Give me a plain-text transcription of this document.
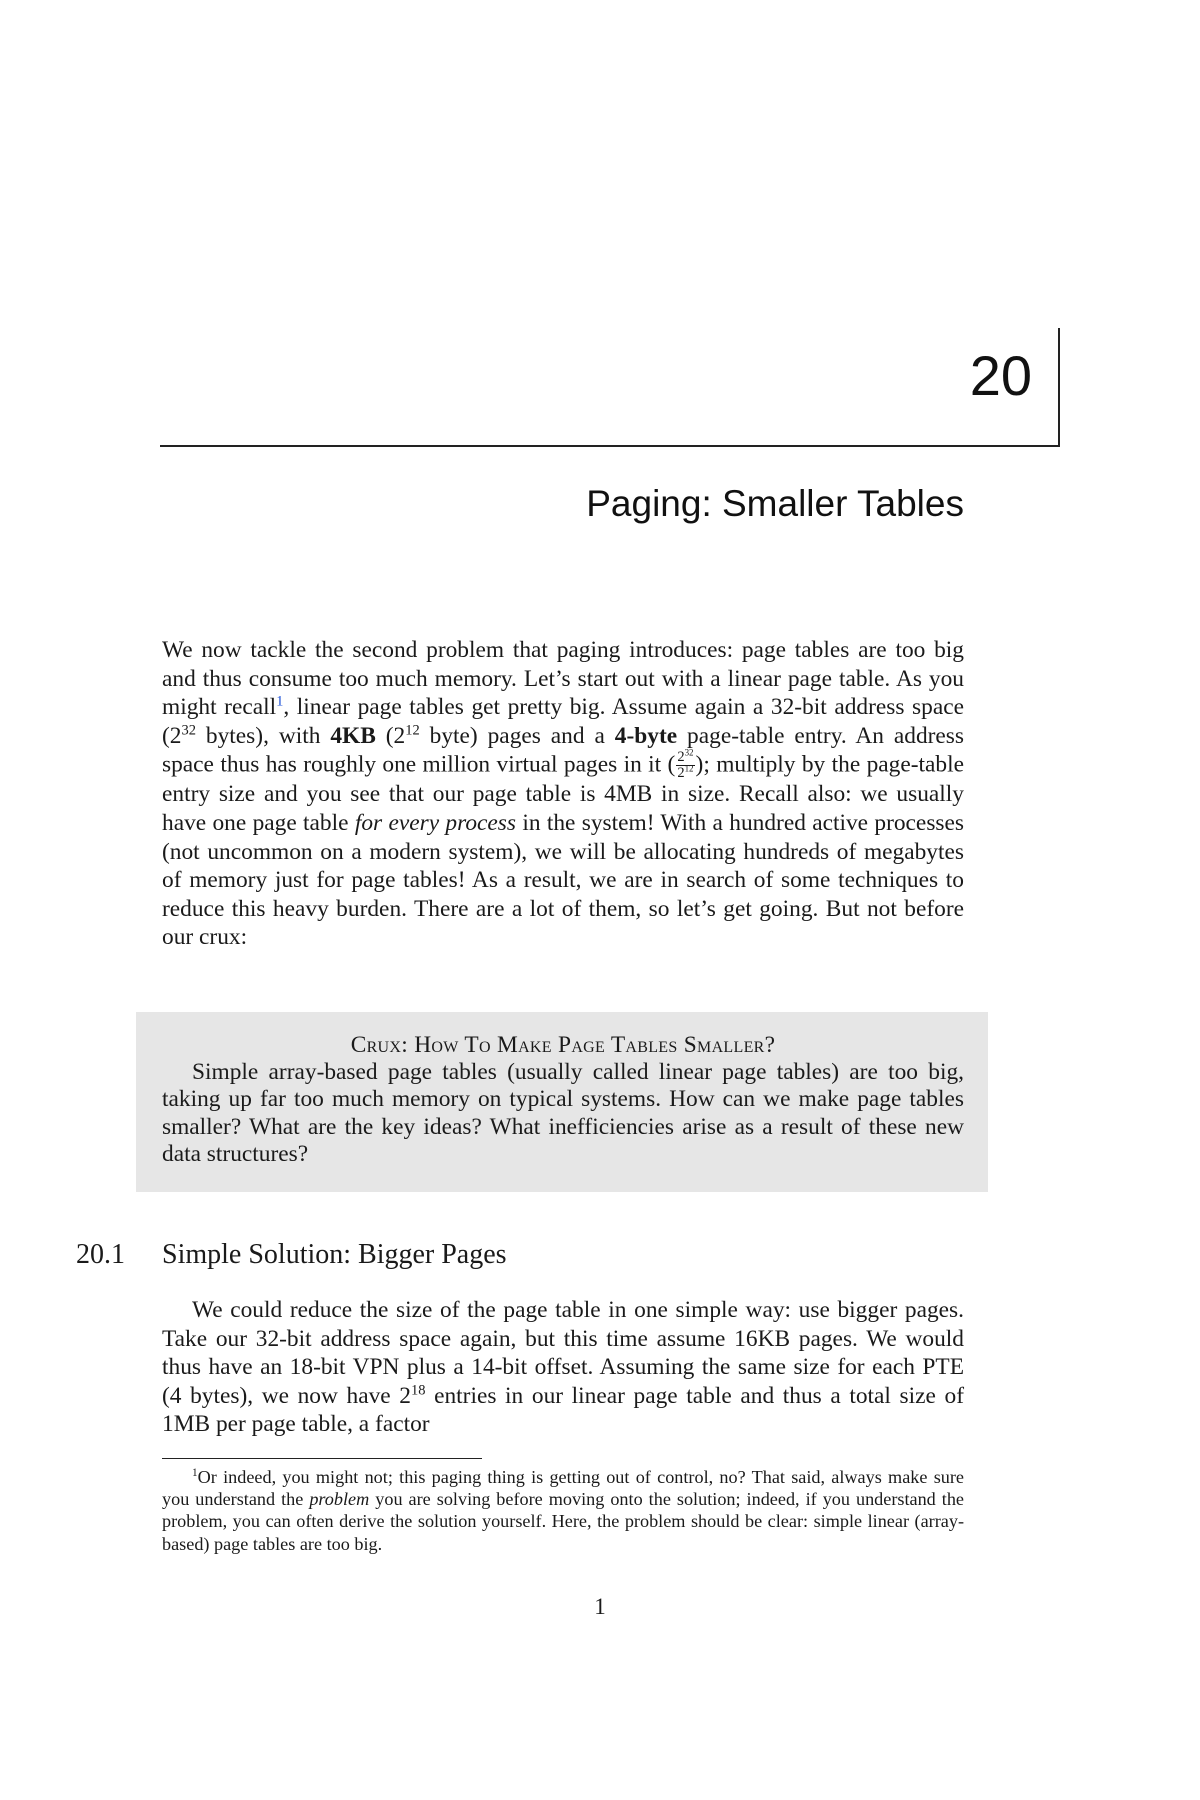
20
Paging: Smaller Tables

We now tackle the second problem that paging introduces: page tables are too big and thus consume too much memory. Let’s start out with a linear page table. As you might recall$^1$, linear page tables get pretty big. Assume again a 32-bit address space ($2^{32}$ bytes), with 4KB ($2^{12}$ byte) pages and a 4-byte page-table entry. An address space thus has roughly one million virtual pages in it ( $\frac{2^{32}}{2^{12}}$ ); multiply by the page-table entry size and you see that our page table is 4MB in size. Recall also: we usually have one page table for every process in the system! With a hundred active processes (not uncommon on a modern system), we will be allocating hundreds of megabytes of memory just for page tables! As a result, we are in search of some techniques to reduce this heavy burden. There are a lot of them, so let’s get going. But not before our crux:

Crux: How To Make Page Tables Smaller?

Simple array-based page tables (usually called linear page tables) are too big, taking up far too much memory on typical systems. How can we make page tables smaller? What are the key ideas? What inefficiencies arise as a result of these new data structures?

20.1 Simple Solution: Bigger Pages

We could reduce the size of the page table in one simple way: use bigger pages. Take our 32-bit address space again, but this time assume 16KB pages. We would thus have an 18-bit VPN plus a 14-bit offset. Assuming the same size for each PTE (4 bytes), we now have $2^{18}$ entries in our linear page table and thus a total size of 1MB per page table, a factor

$^1$Or indeed, you might not; this paging thing is getting out of control, no? That said, always make sure you understand the problem you are solving before moving onto the solution; indeed, if you understand the problem, you can often derive the solution yourself. Here, the problem should be clear: simple linear (array-based) page tables are too big.

1
